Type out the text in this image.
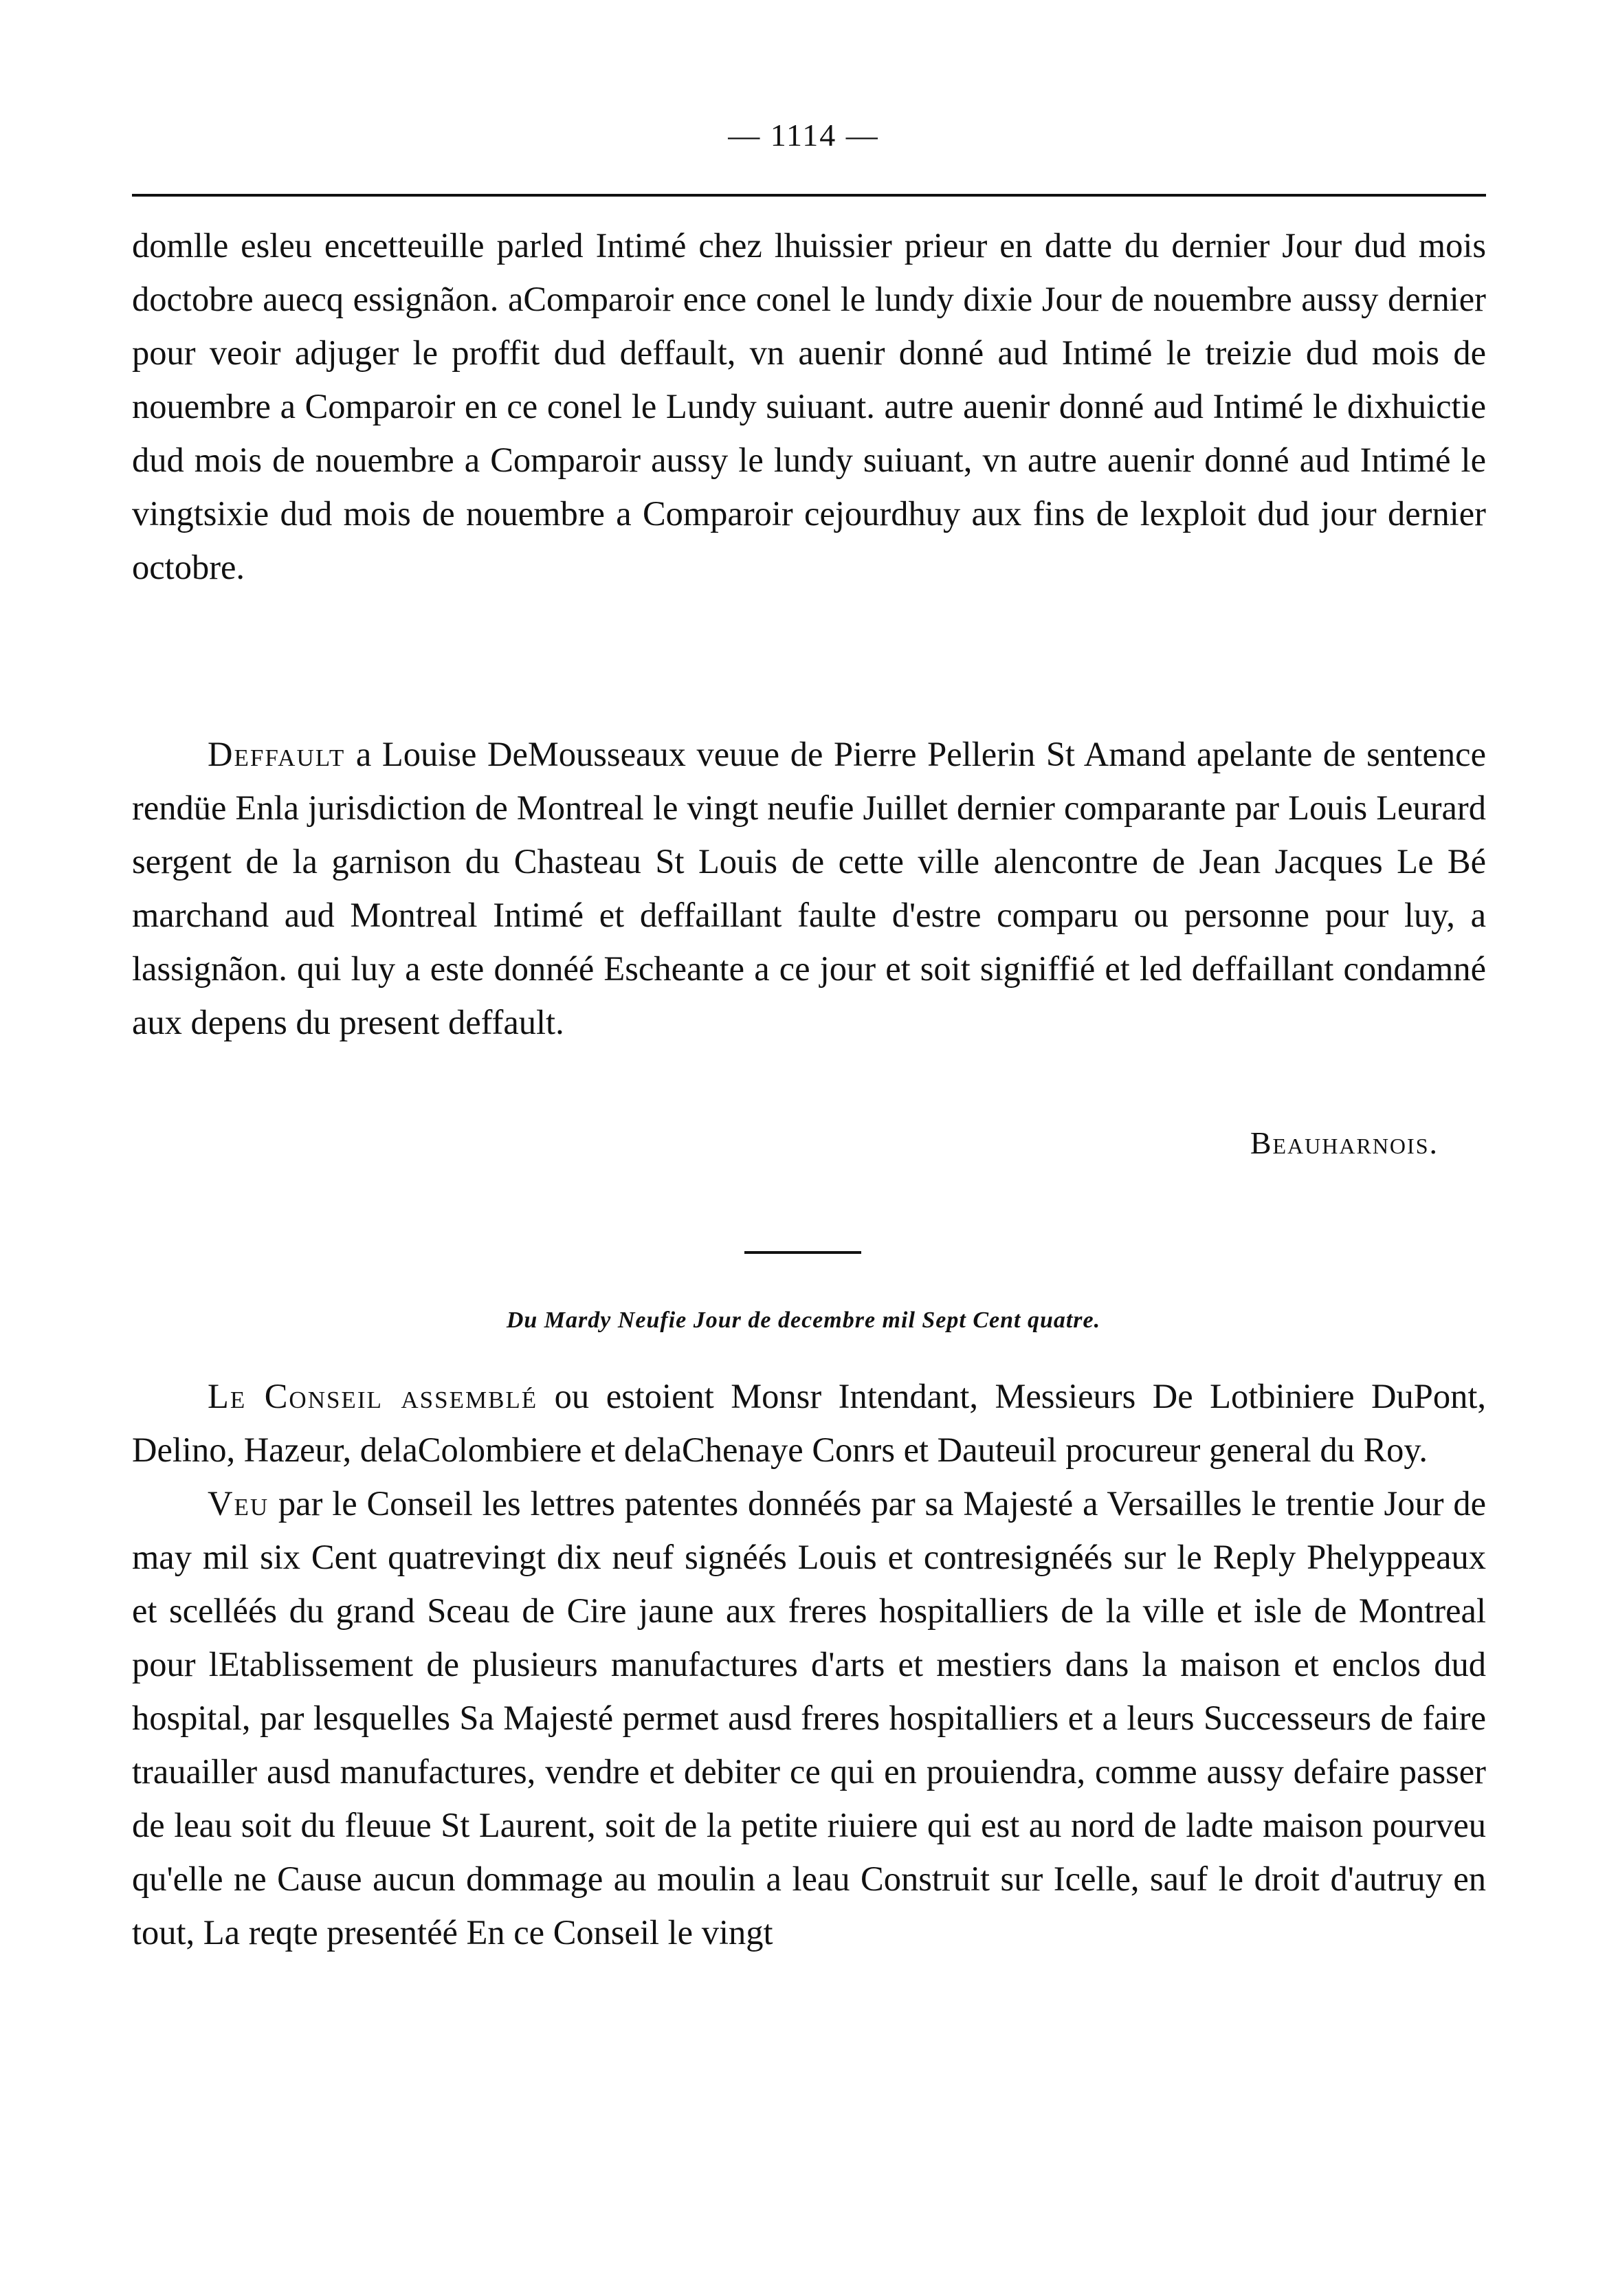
— 1114 —

domlle esleu encetteuille parled Intimé chez lhuissier prieur en datte du dernier Jour dud mois doctobre aueсq essignãon. aComparoir encе conel le lundy dixie Jour de nouembre aussy dernier pour veoir adjuger le proffit dud deffault, vn auenir donné aud Intimé le treizie dud mois de nouembre a Comparoir en ce conel le Lundy suiuant. autre auenir donné aud Intimé le dixhuictie dud mois de nouembre a Comparoir aussy le lundy suiuant, vn autre auenir donné aud Intimé le vingtsixie dud mois de nouembre a Comparoir cejourdhuy aux fins de lexploit dud jour dernier octobre.

Deffault a Louise DeMousseaux veuue de Pierre Pellerin St Amand apelante de sentence rendüe Enla jurisdiction de Montreal le vingt neufie Juillet dernier comparante par Louis Leurard sergent de la garnison du Chasteau St Louis de cette ville alencontre de Jean Jacques Le Bé marchand aud Montreal Intimé et deffaillant faulte d'estre comparu ou personne pour luy, a lassignãon. qui luy a este donnéé Escheante a ce jour et soit signiffié et led deffaillant condamné aux depens du present deffault.

Beauharnois.
Du Mardy Neufie Jour de decembre mil Sept Cent quatre.

Le Conseil assemblé ou estoient Monsr Intendant, Messieurs De Lotbiniere DuPont, Delino, Hazeur, delaColombiere et delaChenaye Conrs et Dauteuil procureur general du Roy.

Veu par le Conseil les lettres patentes donnéés par sa Majesté a Versailles le trentie Jour de may mil six Cent quatrevingt dix neuf signéés Louis et contresignéés sur le Reply Phelyppeaux et scelléés du grand Sceau de Cire jaune aux freres hospitalliers de la ville et isle de Montreal pour lEtablissement de plusieurs manufactures d'arts et mestiers dans la maison et enclos dud hospital, par lesquelles Sa Majesté permet ausd freres hospitalliers et a leurs Successeurs de faire trauailler ausd manufactures, vendre et debiter ce qui en prouiendra, comme aussy defaire passer de leau soit du fleuue St Laurent, soit de la petite riuiere qui est au nord de ladte maison pourveu qu'elle ne Cause aucun dommage au moulin a leau Construit sur Icelle, sauf le droit d'autruy en tout, La reqte presentéé En ce Conseil le vingt
